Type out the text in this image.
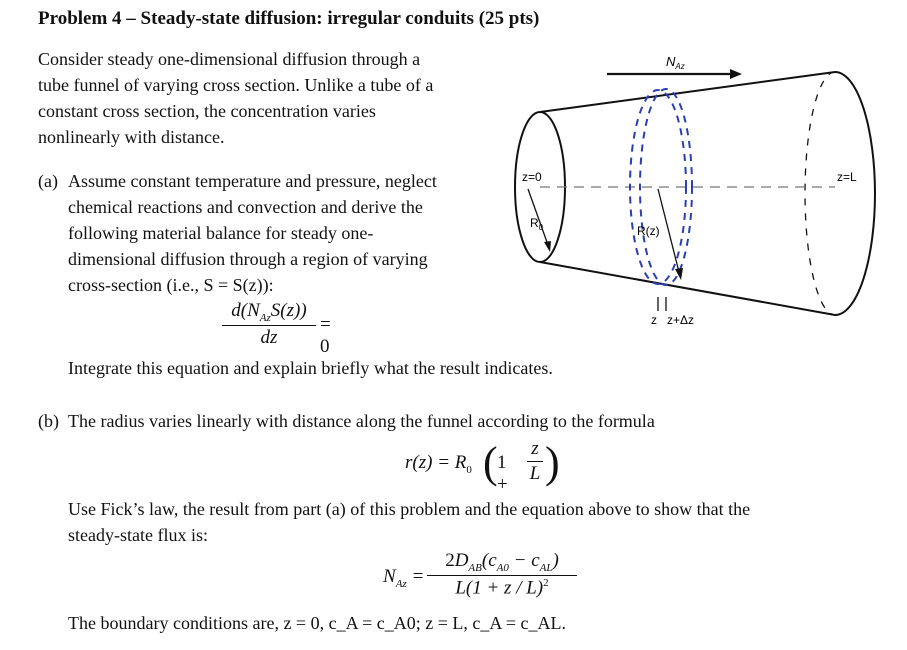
Problem 4 – Steady-state diffusion: irregular conduits (25 pts)
Consider steady one-dimensional diffusion through a
tube funnel of varying cross section. Unlike a tube of a
constant cross section, the concentration varies
nonlinearly with distance.
(a) Assume constant temperature and pressure, neglect
chemical reactions and convection and derive the
following material balance for steady one-
dimensional diffusion through a region of varying
cross-section (i.e., S = S(z)):
$d(N_{Az}S(z))$
dz
= 0
Integrate this equation and explain briefly what the result indicates.
(b) The radius varies linearly with distance along the funnel according to the formula
$r(z) = R_0$ ( 1 +
z
L )
Use Fick’s law, the result from part (a) of this problem and the equation above to show that the
steady-state flux is:
$N_{Az}$ =
$2D_{AB}(c_{A0} - c_{AL})$
$L(1 + z / L)^2$
The boundary conditions are, z = 0, c_A = c_A0; z = L, c_A = c_AL.
$N_{Az}$
$R_0$	R(z)
z=0	z=L
z z+Δz
